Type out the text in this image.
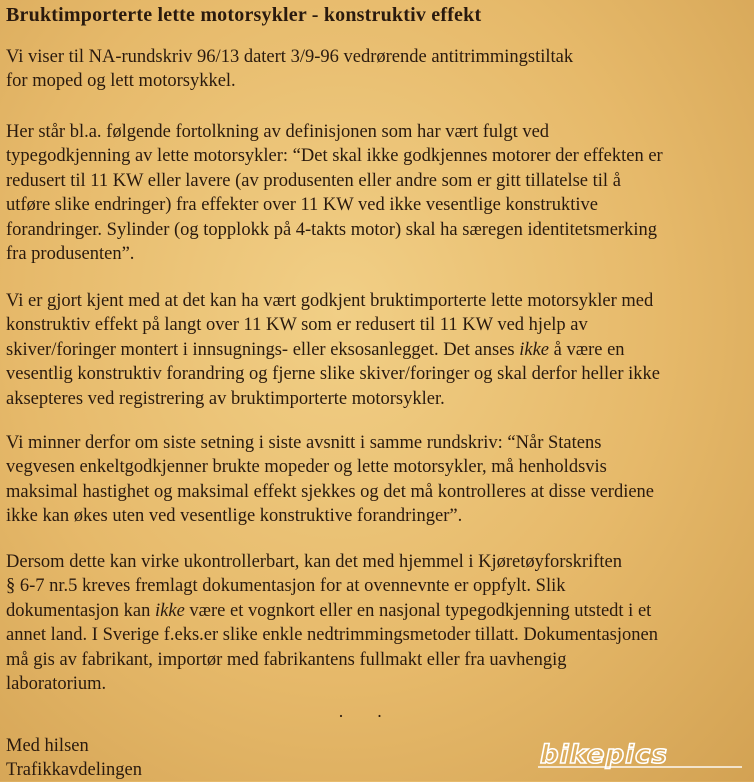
Bruktimporterte lette motorsykler - konstruktiv effekt
Vi viser til NA-rundskriv 96/13 datert 3/9-96 vedrørende antitrimmingstiltak
for moped og lett motorsykkel.
Her står bl.a. følgende fortolkning av definisjonen som har vært fulgt ved
typegodkjenning av lette motorsykler: “Det skal ikke godkjennes motorer der effekten er
redusert til 11 KW eller lavere (av produsenten eller andre som er gitt tillatelse til å
utføre slike endringer) fra effekter over 11 KW ved ikke vesentlige konstruktive
forandringer. Sylinder (og topplokk på 4-takts motor) skal ha særegen identitetsmerking
fra produsenten”.
Vi er gjort kjent med at det kan ha vært godkjent bruktimporterte lette motorsykler med
konstruktiv effekt på langt over 11 KW som er redusert til 11 KW ved hjelp av
skiver/foringer montert i innsugnings- eller eksosanlegget. Det anses ikke å være en
vesentlig konstruktiv forandring og fjerne slike skiver/foringer og skal derfor heller ikke
aksepteres ved registrering av bruktimporterte motorsykler.
Vi minner derfor om siste setning i siste avsnitt i samme rundskriv: “Når Statens
vegvesen enkeltgodkjenner brukte mopeder og lette motorsykler, må henholdsvis
maksimal hastighet og maksimal effekt sjekkes og det må kontrolleres at disse verdiene
ikke kan økes uten ved vesentlige konstruktive forandringer”.
Dersom dette kan virke ukontrollerbart, kan det med hjemmel i Kjøretøyforskriften
§ 6-7 nr.5 kreves fremlagt dokumentasjon for at ovennevnte er oppfylt. Slik
dokumentasjon kan ikke være et vognkort eller en nasjonal typegodkjenning utstedt i et
annet land. I Sverige f.eks.er slike enkle nedtrimmingsmetoder tillatt. Dokumentasjonen
må gis av fabrikant, importør med fabrikantens fullmakt eller fra uavhengig
laboratorium.
· ·
Med hilsen
Trafikkavdelingen	bikepics
